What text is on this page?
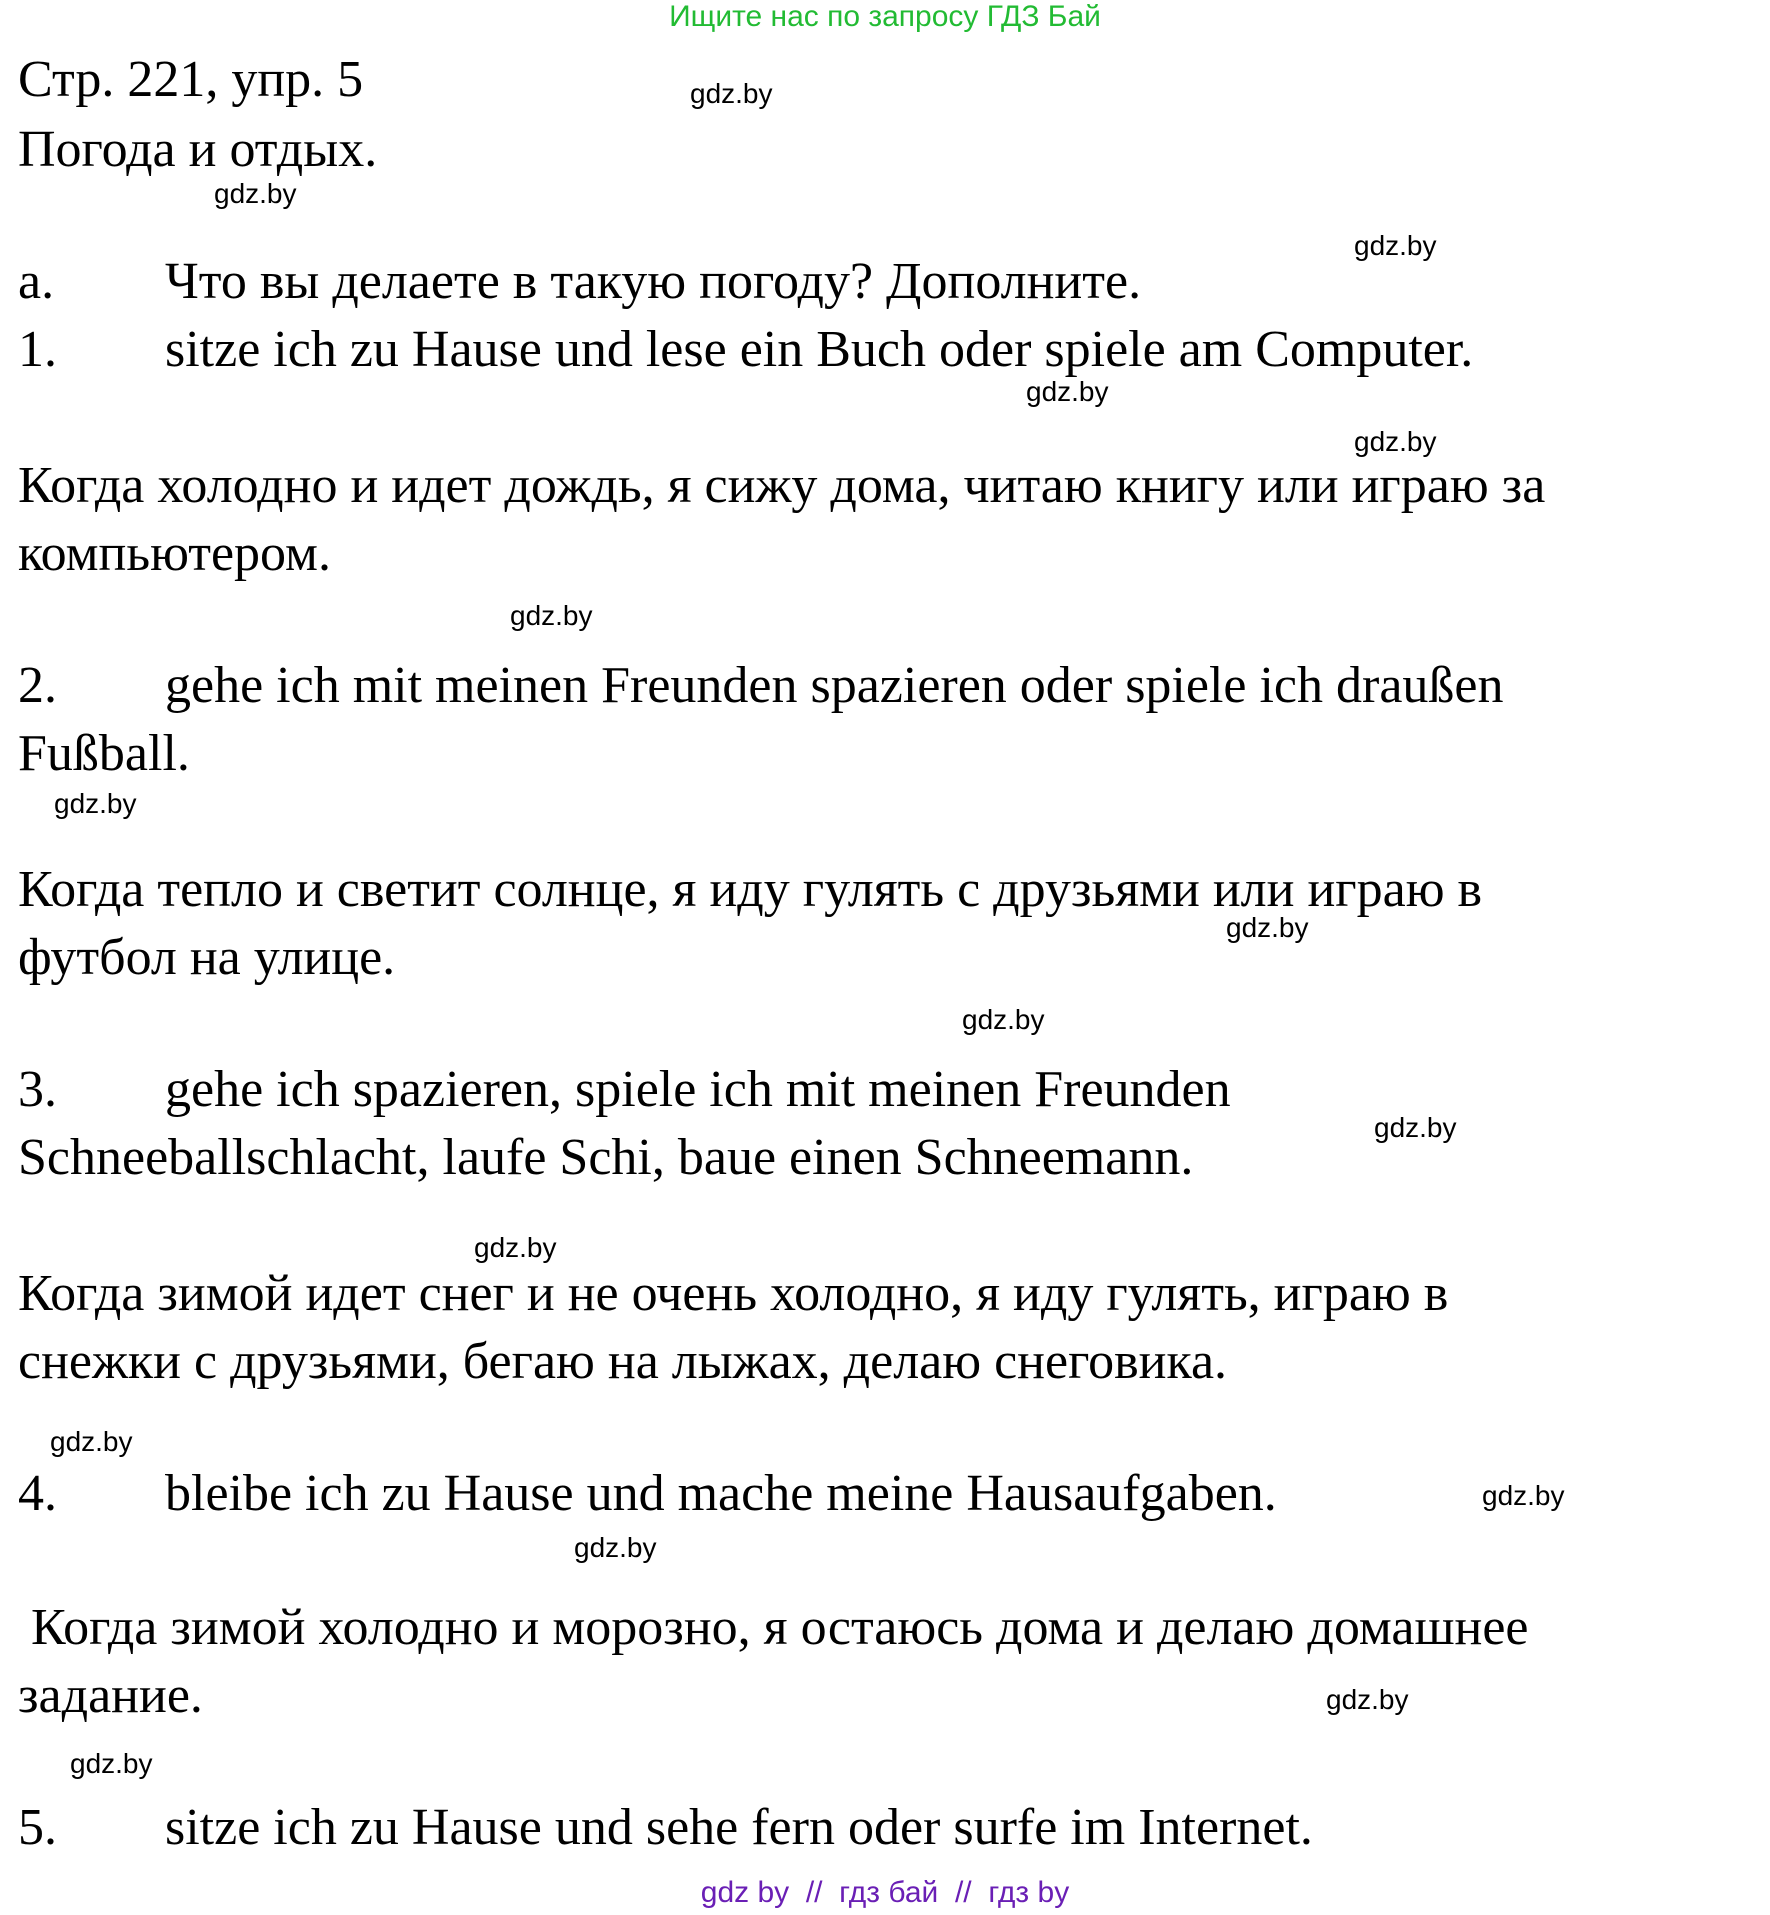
Ищите нас по запросу ГДЗ Бай
Стр. 221, упр. 5
Погода и отдых.
a. Что вы делаете в такую погоду? Дополните.
1. sitze ich zu Hause und lese ein Buch oder spiele am Computer.
Когда холодно и идет дождь, я сижу дома, читаю книгу или играю за
компьютером.
2. gehe ich mit meinen Freunden spazieren oder spiele ich draußen
Fußball.
Когда тепло и светит солнце, я иду гулять с друзьями или играю в
футбол на улице.
3. gehe ich spazieren, spiele ich mit meinen Freunden
Schneeballschlacht, laufe Schi, baue einen Schneemann.
Когда зимой идет снег и не очень холодно, я иду гулять, играю в
снежки с друзьями, бегаю на лыжах, делаю снеговика.
4. bleibe ich zu Hause und mache meine Hausaufgaben.
Когда зимой холодно и морозно, я остаюсь дома и делаю домашнее
задание.
5. sitze ich zu Hause und sehe fern oder surfe im Internet.
gdz.by
gdz.by
gdz.by
gdz.by
gdz.by
gdz.by
gdz.by
gdz.by
gdz.by
gdz.by
gdz.by
gdz.by
gdz.by
gdz.by
gdz.by
gdz.by
gdz by  //  гдз бай  //  гдз by
